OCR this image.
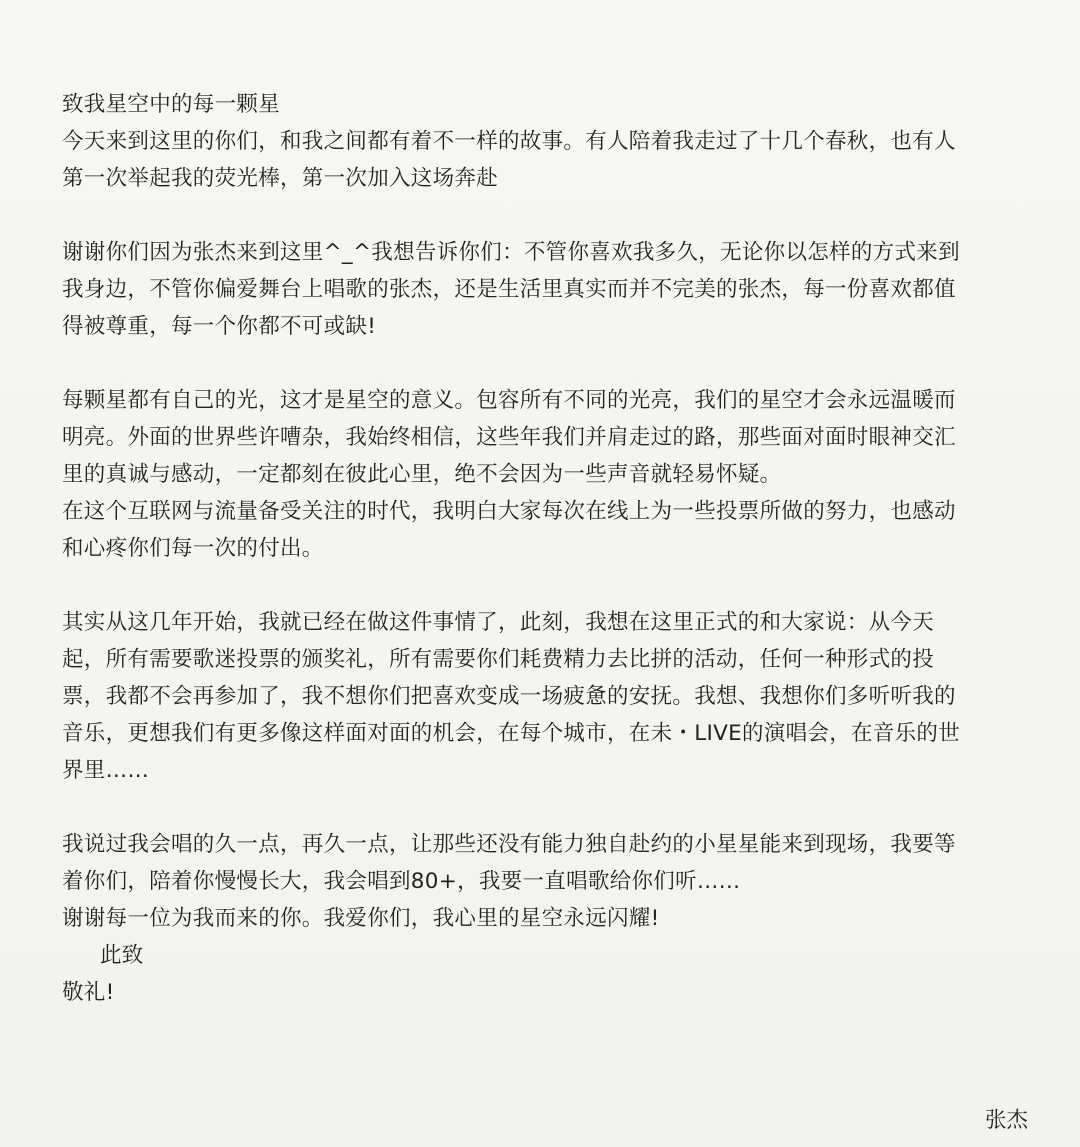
致我星空中的每一颗星

今天来到这里的你们，和我之间都有着不一样的故事。有人陪着我走过了十几个春秋，也有人

第一次举起我的荧光棒，第一次加入这场奔赴

谢谢你们因为张杰来到这里^_^我想告诉你们：不管你喜欢我多久，无论你以怎样的方式来到

我身边，不管你偏爱舞台上唱歌的张杰，还是生活里真实而并不完美的张杰，每一份喜欢都值

得被尊重，每一个你都不可或缺!

每颗星都有自己的光，这才是星空的意义。包容所有不同的光亮，我们的星空才会永远温暖而

明亮。外面的世界些许嘈杂，我始终相信，这些年我们并肩走过的路，那些面对面时眼神交汇

里的真诚与感动，一定都刻在彼此心里，绝不会因为一些声音就轻易怀疑。

在这个互联网与流量备受关注的时代，我明白大家每次在线上为一些投票所做的努力，也感动

和心疼你们每一次的付出。

其实从这几年开始，我就已经在做这件事情了，此刻，我想在这里正式的和大家说：从今天

起，所有需要歌迷投票的颁奖礼，所有需要你们耗费精力去比拼的活动，任何一种形式的投

票，我都不会再参加了，我不想你们把喜欢变成一场疲惫的安抚。我想、我想你们多听听我的

音乐，更想我们有更多像这样面对面的机会，在每个城市，在未・LIVE的演唱会，在音乐的世

界里……

我说过我会唱的久一点，再久一点，让那些还没有能力独自赴约的小星星能来到现场，我要等

着你们，陪着你慢慢长大，我会唱到80+，我要一直唱歌给你们听……

谢谢每一位为我而来的你。我爱你们，我心里的星空永远闪耀!

此致

敬礼!

张杰
